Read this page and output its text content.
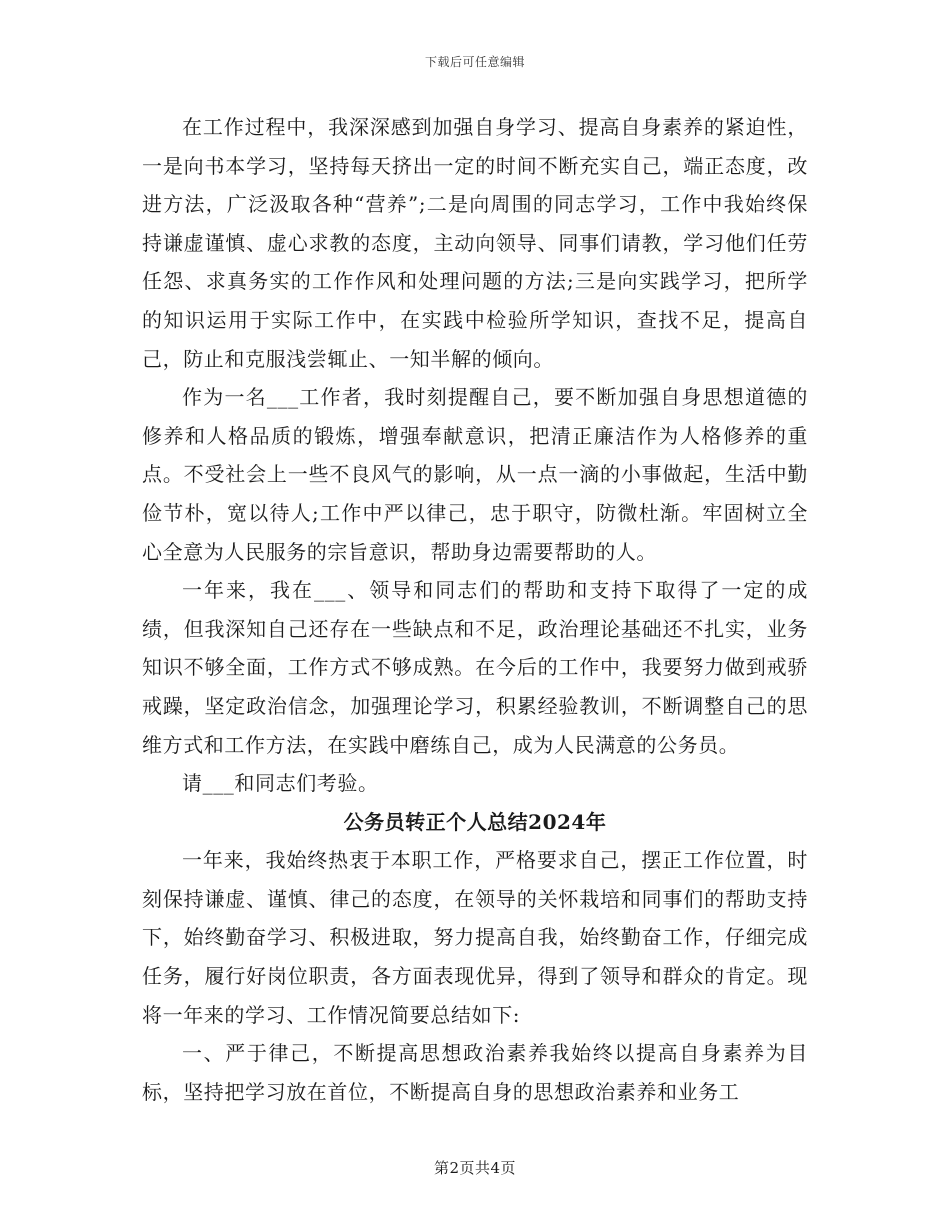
下载后可任意编辑

在工作过程中，我深深感到加强自身学习、提高自身素养的紧迫性，一是向书本学习，坚持每天挤出一定的时间不断充实自己，端正态度，改进方法，广泛汲取各种“营养”;二是向周围的同志学习，工作中我始终保持谦虚谨慎、虚心求教的态度，主动向领导、同事们请教，学习他们任劳任怨、求真务实的工作作风和处理问题的方法;三是向实践学习，把所学的知识运用于实际工作中，在实践中检验所学知识，查找不足，提高自己，防止和克服浅尝辄止、一知半解的倾向。

作为一名___工作者，我时刻提醒自己，要不断加强自身思想道德的修养和人格品质的锻炼，增强奉献意识，把清正廉洁作为人格修养的重点。不受社会上一些不良风气的影响，从一点一滴的小事做起，生活中勤俭节朴，宽以待人;工作中严以律己，忠于职守，防微杜渐。牢固树立全心全意为人民服务的宗旨意识，帮助身边需要帮助的人。

一年来，我在___、领导和同志们的帮助和支持下取得了一定的成绩，但我深知自己还存在一些缺点和不足，政治理论基础还不扎实，业务知识不够全面，工作方式不够成熟。在今后的工作中，我要努力做到戒骄戒躁，坚定政治信念，加强理论学习，积累经验教训，不断调整自己的思维方式和工作方法，在实践中磨练自己，成为人民满意的公务员。

请___和同志们考验。

公务员转正个人总结2024年

一年来，我始终热衷于本职工作，严格要求自己，摆正工作位置，时刻保持谦虚、谨慎、律己的态度，在领导的关怀栽培和同事们的帮助支持下，始终勤奋学习、积极进取，努力提高自我，始终勤奋工作，仔细完成任务，履行好岗位职责，各方面表现优异，得到了领导和群众的肯定。现将一年来的学习、工作情况简要总结如下:

一、严于律己，不断提高思想政治素养我始终以提高自身素养为目标，坚持把学习放在首位，不断提高自身的思想政治素养和业务工

第2页共4页
